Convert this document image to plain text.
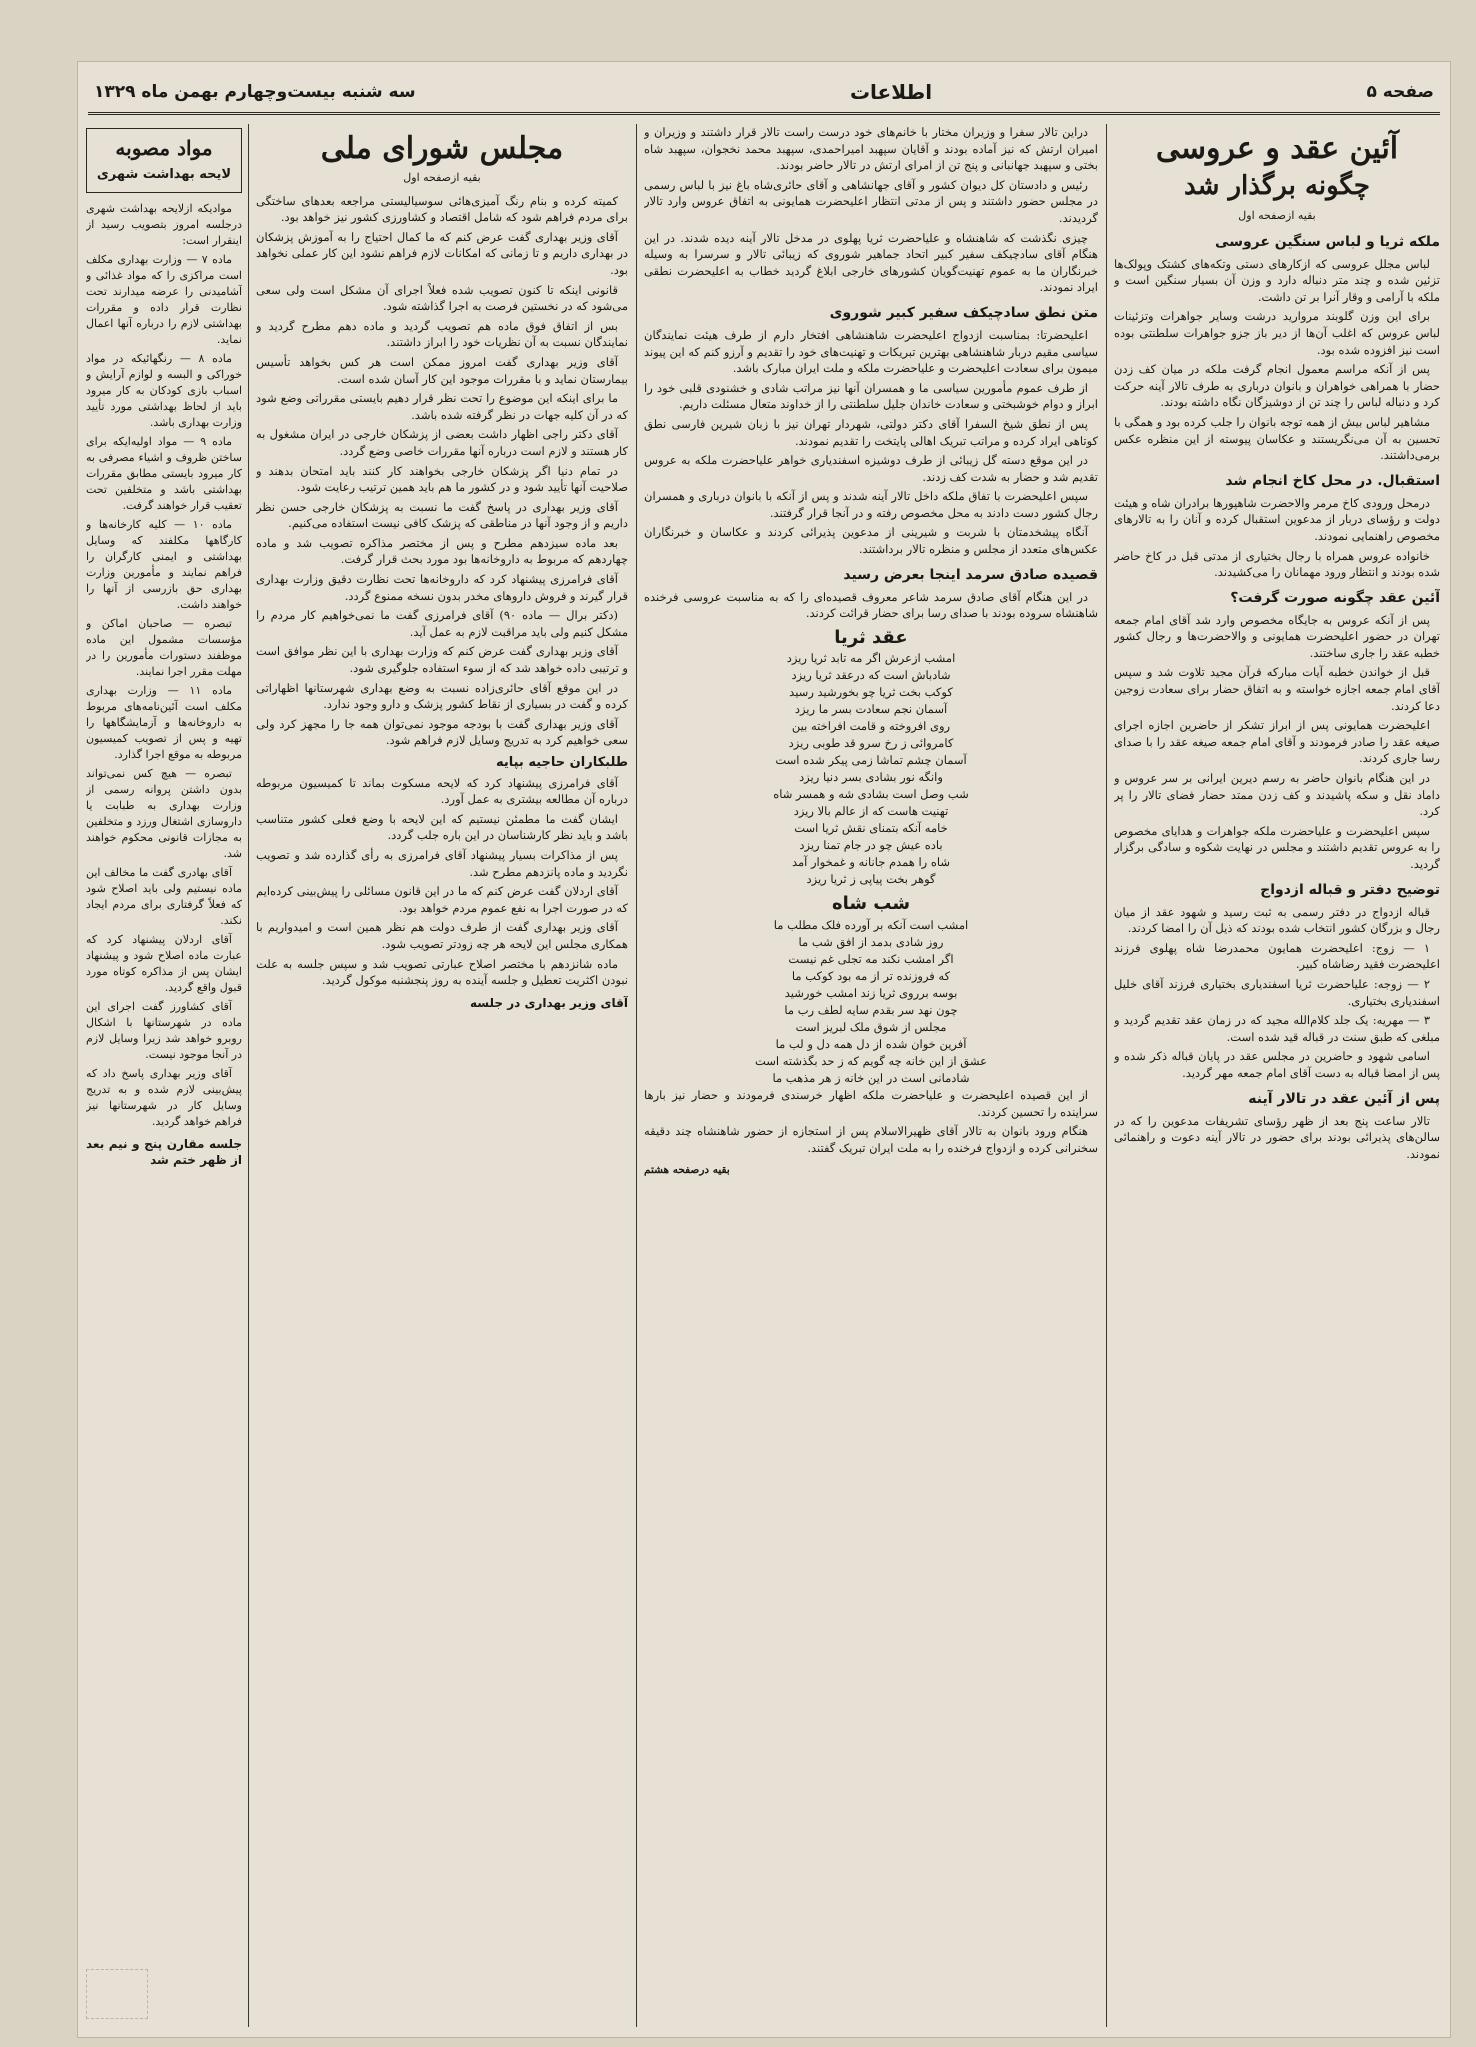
صفحه ۵
اطلاعات
سه شنبه بیست‌وچهارم بهمن ماه ۱۳۲۹
آئین عقد و عروسی
چگونه برگذار شد
بقیه ازصفحه اول
ملکه ثریا و لباس سنگین عروسی

لباس مجلل عروسی که ازکارهای دستی وتکه‌های کشتک وپولک‌ها تزئین شده و چند متر دنباله دارد و وزن آن بسیار سنگین است و ملکه با آرامی و وقار آنرا بر تن داشت.

برای این وزن گلوبند مروارید درشت وسایر جواهرات وتزئینات لباس عروس که اغلب آن‌ها از دیر باز جزو جواهرات سلطنتی بوده است نیز افزوده شده بود.

پس از آنکه مراسم معمول انجام گرفت ملکه در میان کف زدن حضار با همراهی خواهران و بانوان درباری به طرف تالار آینه حرکت کرد و دنباله لباس را چند تن از دوشیزگان نگاه داشته بودند.

مشاهیر لباس بیش از همه توجه بانوان را جلب کرده بود و همگی با تحسین به آن می‌نگریستند و عکاسان پیوسته از این منظره عکس برمی‌داشتند.

استقبال. در محل کاخ انجام شد

درمحل ورودی کاخ مرمر والاحضرت شاهپور‌ها برادران شاه و هیئت دولت و رؤسای دربار از مدعوین استقبال کرده و آنان را به تالارهای مخصوص راهنمایی نمودند.

خانواده عروس همراه با رجال بختیاری از مدتی قبل در کاخ حاضر شده بودند و انتظار ورود مهمانان را می‌کشیدند.

آئین عقد چگونه صورت گرفت؟

پس از آنکه عروس به جایگاه مخصوص وارد شد آقای امام جمعه تهران در حضور اعلیحضرت همایونی و والاحضرت‌ها و رجال کشور خطبه عقد را جاری ساختند.

قبل از خواندن خطبه آیات مبارکه قرآن مجید تلاوت شد و سپس آقای امام جمعه اجازه خواسته و به اتفاق حضار برای سعادت زوجین دعا کردند.

اعلیحضرت همایونی پس از ابراز تشکر از حاضرین اجازه اجرای صیغه عقد را صادر فرمودند و آقای امام جمعه صیغه عقد را با صدای رسا جاری کردند.

در این هنگام بانوان حاضر به رسم دیرین ایرانی بر سر عروس و داماد نقل و سکه پاشیدند و کف زدن ممتد حضار فضای تالار را پر کرد.

سپس اعلیحضرت و علیاحضرت ملکه جواهرات و هدایای مخصوص را به عروس تقدیم داشتند و مجلس در نهایت شکوه و سادگی برگزار گردید.

توضیح دفتر و قباله ازدواج

قباله ازدواج در دفتر رسمی به ثبت رسید و شهود عقد از میان رجال و بزرگان کشور انتخاب شده بودند که ذیل آن را امضا کردند.

۱ — زوج: اعلیحضرت همایون محمدرضا شاه پهلوی فرزند اعلیحضرت فقید رضاشاه کبیر.

۲ — زوجه: علیاحضرت ثریا اسفندیاری بختیاری فرزند آقای خلیل اسفندیاری بختیاری.

۳ — مهریه: یک جلد کلام‌الله مجید که در زمان عقد تقدیم گردید و مبلغی که طبق سنت در قباله قید شده است.

اسامی شهود و حاضرین در مجلس عقد در پایان قباله ذکر شده و پس از امضا قباله به دست آقای امام جمعه مهر گردید.

پس از آئین عقد در تالار آینه

تالار ساعت پنج بعد از ظهر رؤسای تشریفات مدعوین را که در سالن‌های پذیرائی بودند برای حضور در تالار آینه دعوت و راهنمائی نمودند.

دراین تالار سفرا و وزیران مختار با خانم‌های خود درست راست تالار قرار داشتند و وزیران و امیران ارتش که نیز آماده بودند و آقایان سپهبد امیراحمدی، سپهبد محمد نخجوان، سپهبد شاه بختی و سپهبد جهانبانی و پنج تن از امرای ارتش در تالار حاضر بودند.

رئیس و دادستان کل دیوان کشور و آقای جهانشاهی و آقای حائری‌شاه باغ نیز با لباس رسمی در مجلس حضور داشتند و پس از مدتی انتظار اعلیحضرت همایونی به اتفاق عروس وارد تالار گردیدند.

چیزی نگذشت که شاهنشاه و علیاحضرت ثریا پهلوی در مدخل تالار آینه دیده شدند. در این هنگام آقای سادچیکف سفیر کبیر اتحاد جماهیر شوروی که زیبائی تالار و سرسرا به وسیله خبرنگاران ما به عموم تهنیت‌گویان کشورهای خارجی ابلاغ گردید خطاب به اعلیحضرت نطقی ایراد نمودند.

متن نطق سادچیکف سفیر کبیر شوروی

اعلیحضرتا: بمناسبت ازدواج اعلیحضرت شاهنشاهی افتخار دارم از طرف هیئت نمایندگان سیاسی مقیم دربار شاهنشاهی بهترین تبریکات و تهنیت‌های خود را تقدیم و آرزو کنم که این پیوند میمون برای سعادت اعلیحضرت و علیاحضرت ملکه و ملت ایران مبارک باشد.

از طرف عموم مأمورین سیاسی ما و همسران آنها نیز مراتب شادی و خشنودی قلبی خود را ابراز و دوام خوشبختی و سعادت خاندان جلیل سلطنتی را از خداوند متعال مسئلت داریم.

پس از نطق شیخ السفرا آقای دکتر دولتی، شهردار تهران نیز با زبان شیرین فارسی نطق کوتاهی ایراد کرده و مراتب تبریک اهالی پایتخت را تقدیم نمودند.

در این موقع دسته گل زیبائی از طرف دوشیزه اسفندیاری خواهر علیاحضرت ملکه به عروس تقدیم شد و حضار به شدت کف زدند.

سپس اعلیحضرت با تفاق ملکه داخل تالار آینه شدند و پس از آنکه با بانوان درباری و همسران رجال کشور دست دادند به محل مخصوص رفته و در آنجا قرار گرفتند.

آنگاه پیشخدمتان با شربت و شیرینی از مدعوین پذیرائی کردند و عکاسان و خبرنگاران عکس‌های متعدد از مجلس و منظره تالار برداشتند.

قصیده صادق سرمد اینجا بعرض رسید

در این هنگام آقای صادق سرمد شاعر معروف قصیده‌ای را که به مناسبت عروسی فرخنده شاهنشاه سروده بودند با صدای رسا برای حضار قرائت کردند.

عقد ثریا

امشب ازعرش اگر مه تابد ثریا ریزد

شادباش است که درعقد ثریا ریزد

کوکب بخت ثریا چو بخورشید رسید

آسمان نجم سعادت بسر ما ریزد

روی افروخته و قامت افراخته بین

کامروائی ز رخ سرو قد طوبی ریزد

آسمان چشم تماشا زمی پیکر شده است

وانگه نور بشادی بسر دنیا ریزد

شب وصل است بشادی شه و همسر شاه

تهنیت هاست که از عالم بالا ریزد

خامه آنکه بتمنای نقش ثریا است

باده عیش چو در جام تمنا ریزد

شاه را همدم جانانه و غمخوار آمد

گوهر بخت پیاپی ز ثریا ریزد

شب شاه

امشب است آنکه بر آورده فلک مطلب ما

روز شادی بدمد از افق شب ما

اگر امشب نکند مه تجلی غم نیست

که فروزنده تر از مه بود کوکب ما

بوسه برروی ثریا زند امشب خورشید

چون نهد سر بقدم سایه لطف رب ما

مجلس از شوق ملک لبریز است

آفرین خوان شده از دل همه دل و لب ما

عشق از این خانه چه گویم که ز حد بگذشته است

شادمانی است در این خانه ز هر مذهب ما

از این قصیده اعلیحضرت و علیاحضرت ملکه اظهار خرسندی فرمودند و حضار نیز بارها سراینده را تحسین کردند.

هنگام ورود بانوان به تالار آقای ظهیرالاسلام پس از استجازه از حضور شاهنشاه چند دقیقه سخنرانی کرده و ازدواج فرخنده را به ملت ایران تبریک گفتند.

بقیه درصفحه هشتم
مجلس شورای ملی
بقیه ازصفحه اول

کمیته کرده و بنام رنگ آمیزی‌هائی سوسیالیستی مراجعه بعدهای ساختگی برای مردم فراهم شود که شامل اقتصاد و کشاورزی کشور نیز خواهد بود.

آقای وزیر بهداری گفت عرض کنم که ما کمال احتیاج را به آموزش پزشکان در بهداری داریم و تا زمانی که امکانات لازم فراهم نشود این کار عملی نخواهد بود.

قانونی اینکه تا کنون تصویب شده فعلاً اجرای آن مشکل است ولی سعی می‌شود که در نخستین فرصت به اجرا گذاشته شود.

بس از اتفاق فوق ماده هم تصویب گردید و ماده دهم مطرح گردید و نمایندگان نسبت به آن نظریات خود را ابراز داشتند.

آقای وزیر بهداری گفت امروز ممکن است هر کس بخواهد تأسیس بیمارستان نماید و با مقررات موجود این کار آسان شده است.

ما برای اینکه این موضوع را تحت نظر قرار دهیم بایستی مقرراتی وضع شود که در آن کلیه جهات در نظر گرفته شده باشد.

آقای دکتر راجی اظهار داشت بعضی از پزشکان خارجی در ایران مشغول به کار هستند و لازم است درباره آنها مقررات خاصی وضع گردد.

در تمام دنیا اگر پزشکان خارجی بخواهند کار کنند باید امتحان بدهند و صلاحیت آنها تأیید شود و در کشور ما هم باید همین ترتیب رعایت شود.

آقای وزیر بهداری در پاسخ گفت ما نسبت به پزشکان خارجی حسن نظر داریم و از وجود آنها در مناطقی که پزشک کافی نیست استفاده می‌کنیم.

بعد ماده سیزدهم مطرح و پس از مختصر مذاکره تصویب شد و ماده چهاردهم که مربوط به داروخانه‌ها بود مورد بحث قرار گرفت.

آقای فرامرزی پیشنهاد کرد که داروخانه‌ها تحت نظارت دقیق وزارت بهداری قرار گیرند و فروش داروهای مخدر بدون نسخه ممنوع گردد.

(دکتر برال — ماده ۹۰) آقای فرامرزی گفت ما نمی‌خواهیم کار مردم را مشکل کنیم ولی باید مراقبت لازم به عمل آید.

آقای وزیر بهداری گفت عرض کنم که وزارت بهداری با این نظر موافق است و ترتیبی داده خواهد شد که از سوء استفاده جلوگیری شود.

در این موقع آقای حائری‌زاده نسبت به وضع بهداری شهرستانها اظهاراتی کرده و گفت در بسیاری از نقاط کشور پزشک و دارو وجود ندارد.

آقای وزیر بهداری گفت با بودجه موجود نمی‌توان همه جا را مجهز کرد ولی سعی خواهیم کرد به تدریج وسایل لازم فراهم شود.

طلبکاران حاجیه بپایه

آقای فرامرزی پیشنهاد کرد که لایحه مسکوت بماند تا کمیسیون مربوطه درباره آن مطالعه بیشتری به عمل آورد.

ایشان گفت ما مطمئن نیستیم که این لایحه با وضع فعلی کشور متناسب باشد و باید نظر کارشناسان در این باره جلب گردد.

پس از مذاکرات بسیار پیشنهاد آقای فرامرزی به رأی گذارده شد و تصویب نگردید و ماده پانزدهم مطرح شد.

آقای اردلان گفت عرض کنم که ما در این قانون مسائلی را پیش‌بینی کرده‌ایم که در صورت اجرا به نفع عموم مردم خواهد بود.

آقای وزیر بهداری گفت از طرف دولت هم نظر همین است و امیدواریم با همکاری مجلس این لایحه هر چه زودتر تصویب شود.

ماده شانزدهم با مختصر اصلاح عبارتی تصویب شد و سپس جلسه به علت نبودن اکثریت تعطیل و جلسه آینده به روز پنجشنبه موکول گردید.

آقای وزیر بهداری در جلسه
مواد مصوبه
لایحه بهداشت شهری

موادیکه ازلایحه بهداشت شهری درجلسه امروز بتصویب رسید از اینقرار است:

ماده ۷ — وزارت بهداری مکلف است مراکزی را که مواد غذائی و آشامیدنی را عرضه میدارند تحت نظارت قرار داده و مقررات بهداشتی لازم را درباره آنها اعمال نماید.

ماده ۸ — رنگهائیکه در مواد خوراکی و البسه و لوازم آرایش و اسباب بازی کودکان به کار میرود باید از لحاظ بهداشتی مورد تأیید وزارت بهداری باشد.

ماده ۹ — مواد اولیه‌ایکه برای ساختن ظروف و اشیاء مصرفی به کار میرود بایستی مطابق مقررات بهداشتی باشد و متخلفین تحت تعقیب قرار خواهند گرفت.

ماده ۱۰ — کلیه کارخانه‌ها و کارگاهها مکلفند که وسایل بهداشتی و ایمنی کارگران را فراهم نمایند و مأمورین وزارت بهداری حق بازرسی از آنها را خواهند داشت.

تبصره — صاحبان اماکن و مؤسسات مشمول این ماده موظفند دستورات مأمورین را در مهلت مقرر اجرا نمایند.

ماده ۱۱ — وزارت بهداری مکلف است آئین‌نامه‌های مربوط به داروخانه‌ها و آزمایشگاهها را تهیه و پس از تصویب کمیسیون مربوطه به موقع اجرا گذارد.

تبصره — هیچ کس نمی‌تواند بدون داشتن پروانه رسمی از وزارت بهداری به طبابت یا داروسازی اشتغال ورزد و متخلفین به مجازات قانونی محکوم خواهند شد.

آقای بهادری گفت ما مخالف این ماده نیستیم ولی باید اصلاح شود که فعلاً گرفتاری برای مردم ایجاد نکند.

آقای اردلان پیشنهاد کرد که عبارت ماده اصلاح شود و پیشنهاد ایشان پس از مذاکره کوتاه مورد قبول واقع گردید.

آقای کشاورز گفت اجرای این ماده در شهرستانها با اشکال روبرو خواهد شد زیرا وسایل لازم در آنجا موجود نیست.

آقای وزیر بهداری پاسخ داد که پیش‌بینی لازم شده و به تدریج وسایل کار در شهرستانها نیز فراهم خواهد گردید.

جلسه مقارن پنج و نیم بعد از ظهر ختم شد
